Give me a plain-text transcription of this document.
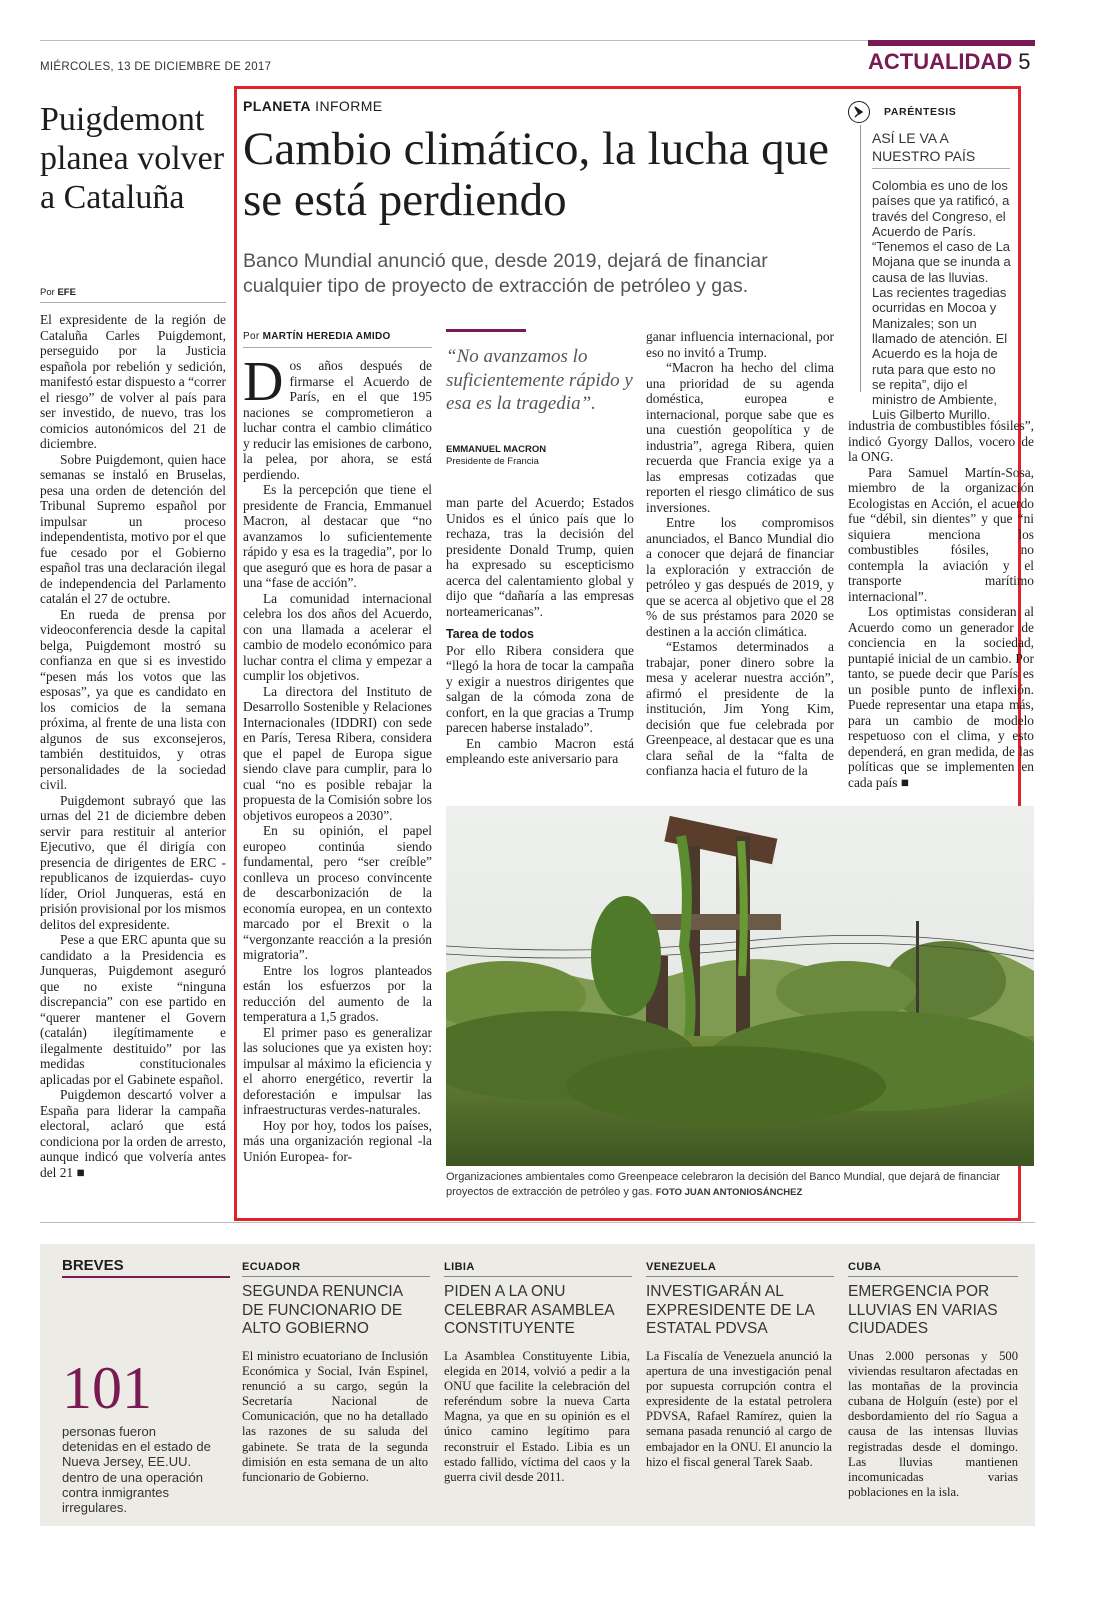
MIÉRCOLES, 13 DE DICIEMBRE DE 2017	ACTUALIDAD 5
Puigdemont planea volver a Cataluña
Por EFE

El expresidente de la región de Cataluña Carles Puigdemont, perseguido por la Justicia española por rebelión y sedición, manifestó estar dispuesto a “correr el riesgo” de volver al país para ser investido, de nuevo, tras los comicios autonómicos del 21 de diciembre.

Sobre Puigdemont, quien hace semanas se instaló en Bruselas, pesa una orden de detención del Tribunal Supremo español por impulsar un proceso independentista, motivo por el que fue cesado por el Gobierno español tras una declaración ilegal de independencia del Parlamento catalán el 27 de octubre.

En rueda de prensa por videoconferencia desde la capital belga, Puigdemont mostró su confianza en que si es investido “pesen más los votos que las esposas”, ya que es candidato en los comicios de la semana próxima, al frente de una lista con algunos de sus exconsejeros, también destituidos, y otras personalidades de la sociedad civil.

Puigdemont subrayó que las urnas del 21 de diciembre deben servir para restituir al anterior Ejecutivo, que él dirigía con presencia de dirigentes de ERC -republicanos de izquierdas- cuyo líder, Oriol Junqueras, está en prisión provisional por los mismos delitos del expresidente.

Pese a que ERC apunta que su candidato a la Presidencia es Junqueras, Puigdemont aseguró que no existe “ninguna discrepancia” con ese partido en “querer mantener el Govern (catalán) ilegítimamente e ilegalmente destituido” por las medidas constitucionales aplicadas por el Gabinete español.

Puigdemon descartó volver a España para liderar la campaña electoral, aclaró que está condiciona por la orden de arresto, aunque indicó que volvería antes del 21 ■

PLANETA INFORME
Cambio climático, la lucha que se está perdiendo
Banco Mundial anunció que, desde 2019, dejará de financiar cualquier tipo de proyecto de extracción de petróleo y gas.
Por MARTÍN HEREDIA AMIDO

Dos años después de firmarse el Acuerdo de París, en el que 195 naciones se comprometieron a luchar contra el cambio climático y reducir las emisiones de carbono, la pelea, por ahora, se está perdiendo.

Es la percepción que tiene el presidente de Francia, Emmanuel Macron, al destacar que “no avanzamos lo suficientemente rápido y esa es la tragedia”, por lo que aseguró que es hora de pasar a una “fase de acción”.

La comunidad internacional celebra los dos años del Acuerdo, con una llamada a acelerar el cambio de modelo económico para luchar contra el clima y empezar a cumplir los objetivos.

La directora del Instituto de Desarrollo Sostenible y Relaciones Internacionales (IDDRI) con sede en París, Teresa Ribera, considera que el papel de Europa sigue siendo clave para cumplir, para lo cual “no es posible rebajar la propuesta de la Comisión sobre los objetivos europeos a 2030”.

En su opinión, el papel europeo continúa siendo fundamental, pero “ser creíble” conlleva un proceso convincente de descarbonización de la economía europea, en un contexto marcado por el Brexit o la “vergonzante reacción a la presión migratoria”.

Entre los logros planteados están los esfuerzos por la reducción del aumento de la temperatura a 1,5 grados.

El primer paso es generalizar las soluciones que ya existen hoy: impulsar al máximo la eficiencia y el ahorro energético, revertir la deforestación e impulsar las infraestructuras verdes-naturales.

Hoy por hoy, todos los países, más una organización regional -la Unión Europea- for-

“No avanzamos lo suficientemente rápido y esa es la tragedia”.
EMMANUEL MACRON
Presidente de Francia

man parte del Acuerdo; Estados Unidos es el único país que lo rechaza, tras la decisión del presidente Donald Trump, quien ha expresado su escepticismo acerca del calentamiento global y dijo que “dañaría a las empresas norteamericanas”.

Tarea de todos

Por ello Ribera considera que “llegó la hora de tocar la campaña y exigir a nuestros dirigentes que salgan de la cómoda zona de confort, en la que gracias a Trump parecen haberse instalado”.

En cambio Macron está empleando este aniversario para

ganar influencia internacional, por eso no invitó a Trump.

“Macron ha hecho del clima una prioridad de su agenda doméstica, europea e internacional, porque sabe que es una cuestión geopolítica y de industria”, agrega Ribera, quien recuerda que Francia exige ya a las empresas cotizadas que reporten el riesgo climático de sus inversiones.

Entre los compromisos anunciados, el Banco Mundial dio a conocer que dejará de financiar la exploración y extracción de petróleo y gas después de 2019, y que se acerca al objetivo que el 28 % de sus préstamos para 2020 se destinen a la acción climática.

“Estamos determinados a trabajar, poner dinero sobre la mesa y acelerar nuestra acción”, afirmó el presidente de la institución, Jim Yong Kim, decisión que fue celebrada por Greenpeace, al destacar que es una clara señal de la “falta de confianza hacia el futuro de la

PARÉNTESIS
ASÍ LE VA A NUESTRO PAÍS
Colombia es uno de los países que ya ratificó, a través del Congreso, el Acuerdo de París. “Tenemos el caso de La Mojana que se inunda a causa de las lluvias. Las recientes tragedias ocurridas en Mocoa y Manizales; son un llamado de atención. El Acuerdo es la hoja de ruta para que esto no se repita”, dijo el ministro de Ambiente, Luis Gilberto Murillo.

industria de combustibles fósiles”, indicó Gyorgy Dallos, vocero de la ONG.

Para Samuel Martín-Sosa, miembro de la organización Ecologistas en Acción, el acuerdo fue “débil, sin dientes” y que “ni siquiera menciona los combustibles fósiles, no contempla la aviación y el transporte marítimo internacional”.

Los optimistas consideran al Acuerdo como un generador de conciencia en la sociedad, puntapié inicial de un cambio. Por tanto, se puede decir que París es un posible punto de inflexión. Puede representar una etapa más, para un cambio de modelo respetuoso con el clima, y esto dependerá, en gran medida, de las políticas que se implementen en cada país ■

Organizaciones ambientales como Greenpeace celebraron la decisión del Banco Mundial, que dejará de financiar proyectos de extracción de petróleo y gas. FOTO JUAN ANTONIOSÁNCHEZ
BREVES
101
personas fueron detenidas en el estado de Nueva Jersey, EE.UU. dentro de una operación contra inmigrantes irregulares.
ECUADOR
SEGUNDA RENUNCIA DE FUNCIONARIO DE ALTO GOBIERNO
El ministro ecuatoriano de Inclusión Económica y Social, Iván Espinel, renunció a su cargo, según la Secretaría Nacional de Comunicación, que no ha detallado las razones de su saluda del gabinete. Se trata de la segunda dimisión en esta semana de un alto funcionario de Gobierno.
LIBIA
PIDEN A LA ONU CELEBRAR ASAMBLEA CONSTITUYENTE
La Asamblea Constituyente Libia, elegida en 2014, volvió a pedir a la ONU que facilite la celebración del referéndum sobre la nueva Carta Magna, ya que en su opinión es el único camino legítimo para reconstruir el Estado. Libia es un estado fallido, víctima del caos y la guerra civil desde 2011.
VENEZUELA
INVESTIGARÁN AL EXPRESIDENTE DE LA ESTATAL PDVSA
La Fiscalía de Venezuela anunció la apertura de una investigación penal por supuesta corrupción contra el expresidente de la estatal petrolera PDVSA, Rafael Ramírez, quien la semana pasada renunció al cargo de embajador en la ONU. El anuncio la hizo el fiscal general Tarek Saab.
CUBA
EMERGENCIA POR LLUVIAS EN VARIAS CIUDADES
Unas 2.000 personas y 500 viviendas resultaron afectadas en las montañas de la provincia cubana de Holguín (este) por el desbordamiento del río Sagua a causa de las intensas lluvias registradas desde el domingo. Las lluvias mantienen incomunicadas varias poblaciones en la isla.
